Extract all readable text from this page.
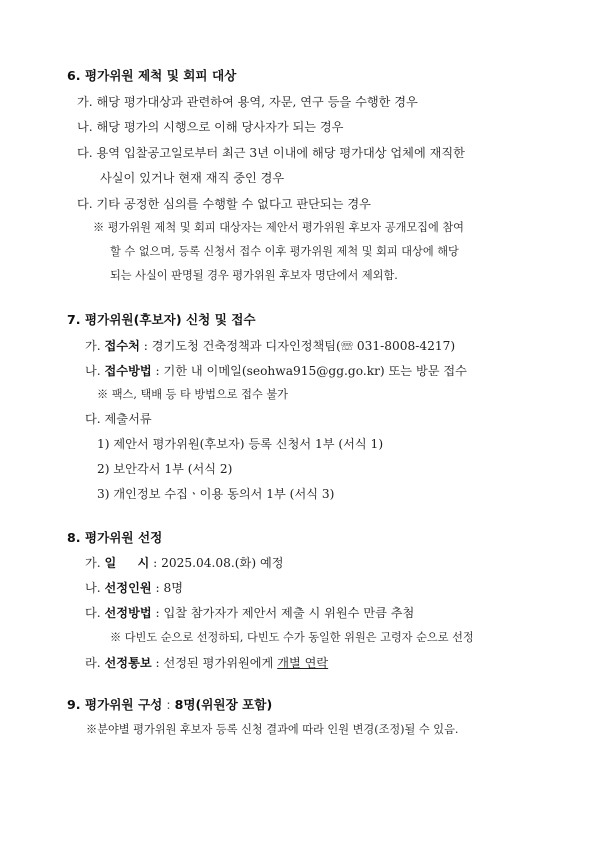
6. 평가위원 제척 및 회피 대상
가. 해당 평가대상과 관련하여 용역, 자문, 연구 등을 수행한 경우
나. 해당 평가의 시행으로 이해 당사자가 되는 경우
다. 용역 입찰공고일로부터 최근 3년 이내에 해당 평가대상 업체에 재직한
사실이 있거나 현재 재직 중인 경우
다. 기타 공정한 심의를 수행할 수 없다고 판단되는 경우
※ 평가위원 제척 및 회피 대상자는 제안서 평가위원 후보자 공개모집에 참여
할 수 없으며, 등록 신청서 접수 이후 평가위원 제척 및 회피 대상에 해당
되는 사실이 판명될 경우 평가위원 후보자 명단에서 제외함.
7. 평가위원(후보자) 신청 및 접수
가. 접수처 : 경기도청 건축정책과 디자인정책팀(☏ 031-8008-4217)
나. 접수방법 : 기한 내 이메일(seohwa915@gg.go.kr) 또는 방문 접수
※ 팩스, 택배 등 타 방법으로 접수 불가
다. 제출서류
1) 제안서 평가위원(후보자) 등록 신청서 1부 (서식 1)
2) 보안각서 1부 (서식 2)
3) 개인정보 수집ㆍ이용 동의서 1부 (서식 3)
8. 평가위원 선정
가. 일     시 : 2025.04.08.(화) 예정
나. 선정인원 : 8명
다. 선정방법 : 입찰 참가자가 제안서 제출 시 위원수 만큼 추첨
※ 다빈도 순으로 선정하되, 다빈도 수가 동일한 위원은 고령자 순으로 선정
라. 선정통보 : 선정된 평가위원에게 개별 연락
9. 평가위원 구성 : 8명(위원장 포함)
※분야별 평가위원 후보자 등록 신청 결과에 따라 인원 변경(조정)될 수 있음.
